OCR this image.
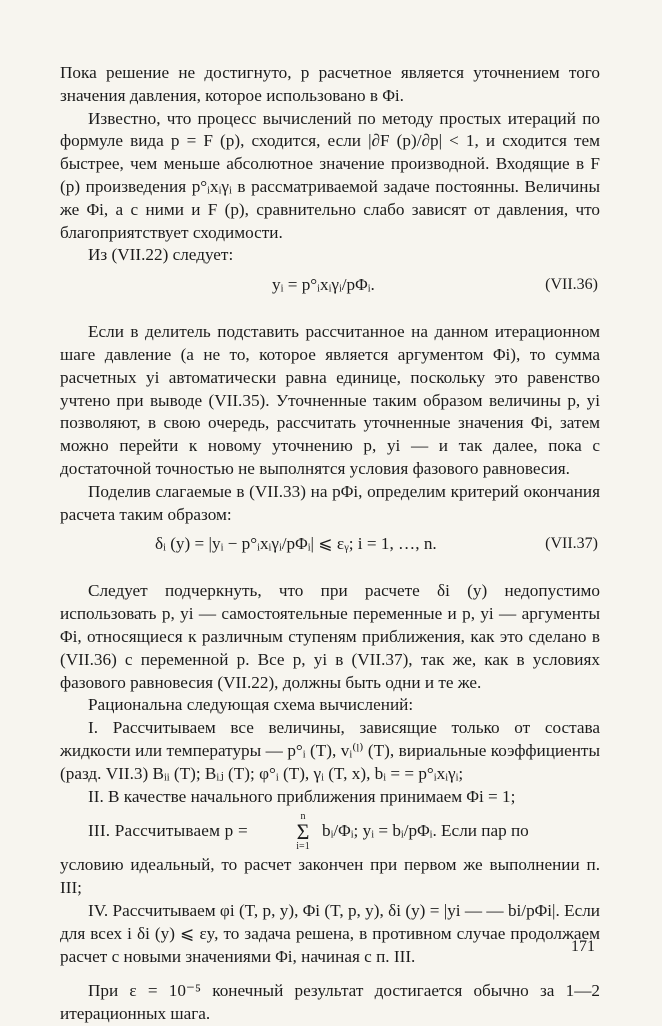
Пока решение не достигнуто, p расчетное является уточнением того значения давления, которое использовано в Φi.

Известно, что процесс вычислений по методу простых итераций по формуле вида p = F (p), сходится, если |∂F (p)/∂p| < 1, и сходится тем быстрее, чем меньше абсолютное значение производной. Входящие в F (p) произведения p°ᵢxᵢγᵢ в рассматриваемой задаче постоянны. Величины же Φi, а с ними и F (p), сравнительно слабо зависят от давления, что благоприятствует сходимости.

Из (VII.22) следует:

yᵢ = p°ᵢxᵢγᵢ/pΦᵢ.	(VII.36)

Если в делитель подставить рассчитанное на данном итерационном шаге давление (а не то, которое является аргументом Φi), то сумма расчетных yi автоматически равна единице, поскольку это равенство учтено при выводе (VII.35). Уточненные таким образом величины p, yi позволяют, в свою очередь, рассчитать уточненные значения Φi, затем можно перейти к новому уточнению p, yi — и так далее, пока с достаточной точностью не выполнятся условия фазового равновесия.

Поделив слагаемые в (VII.33) на pΦi, определим критерий окончания расчета таким образом:

δᵢ (y) = |yᵢ − p°ᵢxᵢγᵢ/pΦᵢ| ⩽ εᵧ; i = 1, …, n.	(VII.37)

Следует подчеркнуть, что при расчете δi (y) недопустимо использовать p, yi — самостоятельные переменные и p, yi — аргументы Φi, относящиеся к различным ступеням приближения, как это сделано в (VII.36) с переменной p. Все p, yi в (VII.37), так же, как в условиях фазового равновесия (VII.22), должны быть одни и те же.

Рациональна следующая схема вычислений:

I. Рассчитываем все величины, зависящие только от состава жидкости или температуры — p°ᵢ (T), vᵢ⁽ˡ⁾ (T), вириальные коэффициенты (разд. VII.3) Bᵢᵢ (T); Bᵢⱼ (T); φ°ᵢ (T), γᵢ (T, x), bᵢ = = p°ᵢxᵢγᵢ;

II. В качестве начального приближения принимаем Φi = 1;

III. Рассчитываем p =
n
Σ
i=1
bᵢ/Φᵢ; yᵢ = bᵢ/pΦᵢ. Если пар по

условию идеальный, то расчет закончен при первом же выполнении п. III;

IV. Рассчитываем φi (T, p, y), Φi (T, p, y), δi (y) = |yi — — bi/pΦi|. Если для всех i δi (y) ⩽ εy, то задача решена, в противном случае продолжаем расчет с новыми значениями Φi, начиная с п. III.

При ε = 10⁻⁵ конечный результат достигается обычно за 1—2 итерационных шага.

171
